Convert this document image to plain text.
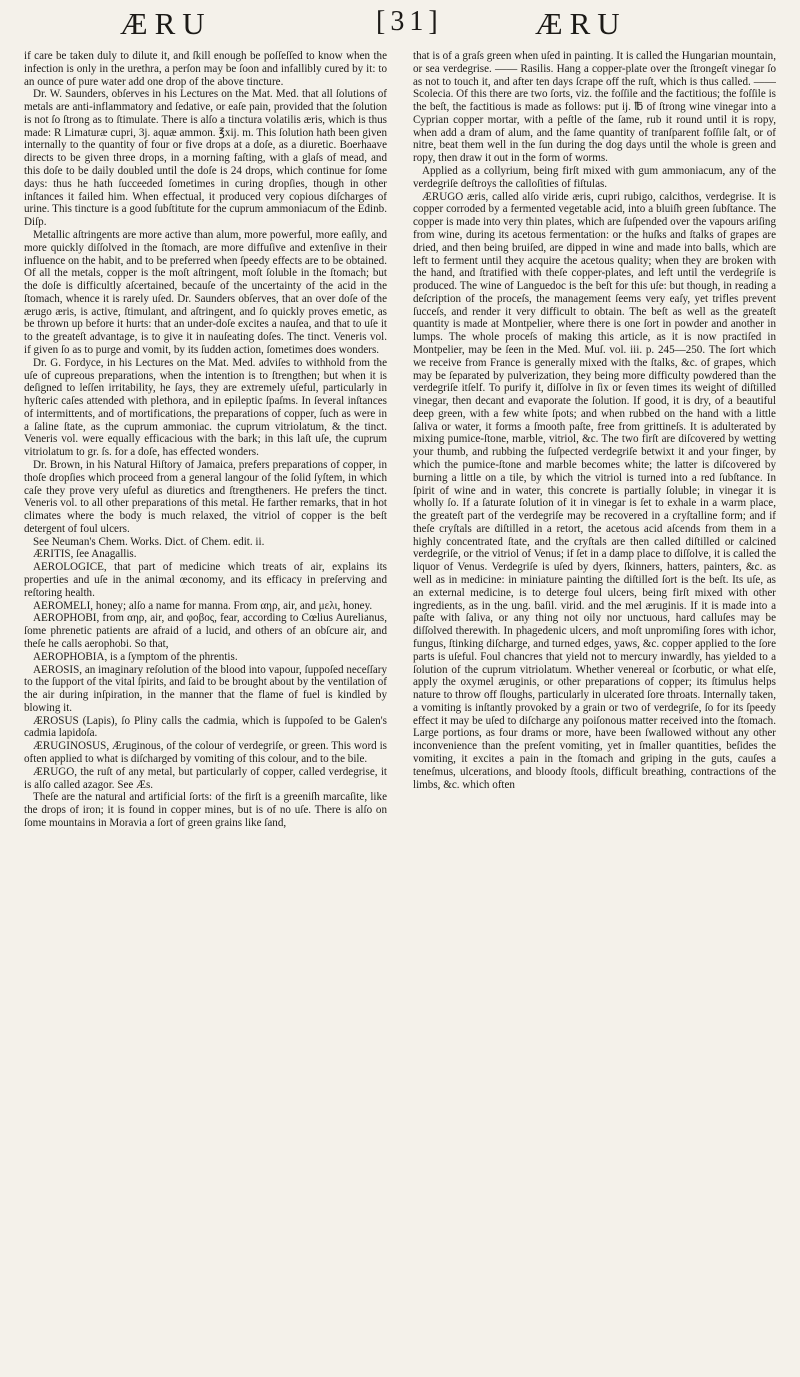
ÆRU	[31]	ÆRU

if care be taken duly to dilute it, and ſkill enough be poſſeſſed to know when the infection is only in the urethra, a perſon may be ſoon and infallibly cured by it: to an ounce of pure water add one drop of the above tincture.

Dr. W. Saunders, obſerves in his Lectures on the Mat. Med. that all ſolutions of metals are anti-inflammatory and ſedative, or eaſe pain, provided that the ſolution is not ſo ſtrong as to ſtimulate. There is alſo a tinctura volatilis æris, which is thus made: R Limaturæ cupri, 3j. aquæ ammon. ℥xij. m. This ſolution hath been given internally to the quantity of four or five drops at a doſe, as a diuretic. Boerhaave directs to be given three drops, in a morning faſting, with a glaſs of mead, and this doſe to be daily doubled until the doſe is 24 drops, which continue for ſome days: thus he hath ſucceeded ſometimes in curing dropſies, though in other inſtances it failed him. When effectual, it produced very copious diſcharges of urine. This tincture is a good ſubſtitute for the cuprum ammoniacum of the Edinb. Diſp.

Metallic aſtringents are more active than alum, more powerful, more eaſily, and more quickly diſſolved in the ſtomach, are more diffuſive and extenſive in their influence on the habit, and to be preferred when ſpeedy effects are to be obtained. Of all the metals, copper is the moſt aſtringent, moſt ſoluble in the ſtomach; but the doſe is difficultly aſcertained, becauſe of the uncertainty of the acid in the ſtomach, whence it is rarely uſed. Dr. Saunders obſerves, that an over doſe of the ærugo æris, is active, ſtimulant, and aſtringent, and ſo quickly proves emetic, as be thrown up before it hurts: that an under-doſe excites a nauſea, and that to uſe it to the greateſt advantage, is to give it in nauſeating doſes. The tinct. Veneris vol. if given ſo as to purge and vomit, by its ſudden action, ſometimes does wonders.

Dr. G. Fordyce, in his Lectures on the Mat. Med. adviſes to withhold from the uſe of cupreous preparations, when the intention is to ſtrengthen; but when it is deſigned to leſſen irritability, he ſays, they are extremely uſeful, particularly in hyſteric caſes attended with plethora, and in epileptic ſpaſms. In ſeveral inſtances of intermittents, and of mortifications, the preparations of copper, ſuch as were in a ſaline ſtate, as the cuprum ammoniac. the cuprum vitriolatum, & the tinct. Veneris vol. were equally efficacious with the bark; in this laſt uſe, the cuprum vitriolatum to gr. ſs. for a doſe, has effected wonders.

Dr. Brown, in his Natural Hiſtory of Jamaica, prefers preparations of copper, in thoſe dropſies which proceed from a general langour of the ſolid ſyſtem, in which caſe they prove very uſeful as diuretics and ſtrengtheners. He prefers the tinct. Veneris vol. to all other preparations of this metal. He farther remarks, that in hot climates where the body is much relaxed, the vitriol of copper is the beſt detergent of foul ulcers.

See Neuman's Chem. Works. Dict. of Chem. edit. ii.

ÆRITIS, ſee Anagallis.

AEROLOGICE, that part of medicine which treats of air, explains its properties and uſe in the animal œconomy, and its efficacy in preſerving and reſtoring health.

AEROMELI, honey; alſo a name for manna. From αηρ, air, and μελι, honey.

AEROPHOBI, from αηρ, air, and φοβος, fear, according to Cœlius Aurelianus, ſome phrenetic patients are afraid of a lucid, and others of an obſcure air, and theſe he calls aerophobi. So that,

AEROPHOBIA, is a ſymptom of the phrentis.

AEROSIS, an imaginary reſolution of the blood into vapour, ſuppoſed neceſſary to the ſupport of the vital ſpirits, and ſaid to be brought about by the ventilation of the air during inſpiration, in the manner that the flame of fuel is kindled by blowing it.

ÆROSUS (Lapis), ſo Pliny calls the cadmia, which is ſuppoſed to be Galen's cadmia lapidoſa.

ÆRUGINOSUS, Æruginous, of the colour of verdegriſe, or green. This word is often applied to what is diſcharged by vomiting of this colour, and to the bile.

ÆRUGO, the ruſt of any metal, but particularly of copper, called verdegrise, it is alſo called azagor. See Æs.

Theſe are the natural and artificial ſorts: of the firſt is a greeniſh marcaſite, like the drops of iron; it is found in copper mines, but is of no uſe. There is alſo on ſome mountains in Moravia a ſort of green grains like ſand,

that is of a graſs green when uſed in painting. It is called the Hungarian mountain, or sea verdegrise. —— Rasilis. Hang a copper-plate over the ſtrongeſt vinegar ſo as not to touch it, and after ten days ſcrape off the ruſt, which is thus called. —— Scolecia. Of this there are two ſorts, viz. the foſſile and the factitious; the foſſile is the beſt, the factitious is made as follows: put ij. ℔ of ſtrong wine vinegar into a Cyprian copper mortar, with a peſtle of the ſame, rub it round until it is ropy, when add a dram of alum, and the ſame quantity of tranſparent foſſile ſalt, or of nitre, beat them well in the ſun during the dog days until the whole is green and ropy, then draw it out in the form of worms.

Applied as a collyrium, being firſt mixed with gum ammoniacum, any of the verdegriſe deſtroys the calloſities of fiſtulas.

ÆRUGO æris, called alſo viride æris, cupri rubigo, calcithos, verdegrise. It is copper corroded by a fermented vegetable acid, into a bluiſh green ſubſtance. The copper is made into very thin plates, which are ſuſpended over the vapours ariſing from wine, during its acetous fermentation: or the huſks and ſtalks of grapes are dried, and then being bruiſed, are dipped in wine and made into balls, which are left to ferment until they acquire the acetous quality; when they are broken with the hand, and ſtratified with theſe copper-plates, and left until the verdegriſe is produced. The wine of Languedoc is the beſt for this uſe: but though, in reading a deſcription of the proceſs, the management ſeems very eaſy, yet trifles prevent ſucceſs, and render it very difficult to obtain. The beſt as well as the greateſt quantity is made at Montpelier, where there is one ſort in powder and another in lumps. The whole proceſs of making this article, as it is now practiſed in Montpelier, may be ſeen in the Med. Muſ. vol. iii. p. 245—250. The ſort which we receive from France is generally mixed with the ſtalks, &c. of grapes, which may be ſeparated by pulverization, they being more difficulty powdered than the verdegriſe itſelf. To purify it, diſſolve in ſix or ſeven times its weight of diſtilled vinegar, then decant and evaporate the ſolution. If good, it is dry, of a beautiful deep green, with a few white ſpots; and when rubbed on the hand with a little ſaliva or water, it forms a ſmooth paſte, free from grittineſs. It is adulterated by mixing pumice-ſtone, marble, vitriol, &c. The two firſt are diſcovered by wetting your thumb, and rubbing the ſuſpected verdegriſe betwixt it and your finger, by which the pumice-ſtone and marble becomes white; the latter is diſcovered by burning a little on a tile, by which the vitriol is turned into a red ſubſtance. In ſpirit of wine and in water, this concrete is partially ſoluble; in vinegar it is wholly ſo. If a ſaturate ſolution of it in vinegar is ſet to exhale in a warm place, the greateſt part of the verdegriſe may be recovered in a cryſtalline form; and if theſe cryſtals are diſtilled in a retort, the acetous acid aſcends from them in a highly concentrated ſtate, and the cryſtals are then called diſtilled or calcined verdegriſe, or the vitriol of Venus; if ſet in a damp place to diſſolve, it is called the liquor of Venus. Verdegriſe is uſed by dyers, ſkinners, hatters, painters, &c. as well as in medicine: in miniature painting the diſtilled ſort is the beſt. Its uſe, as an external medicine, is to deterge foul ulcers, being firſt mixed with other ingredients, as in the ung. baſil. virid. and the mel æruginis. If it is made into a paſte with ſaliva, or any thing not oily nor unctuous, hard calluſes may be diſſolved therewith. In phagedenic ulcers, and moſt unpromiſing ſores with ichor, fungus, ſtinking diſcharge, and turned edges, yaws, &c. copper applied to the ſore parts is uſeful. Foul chancres that yield not to mercury inwardly, has yielded to a ſolution of the cuprum vitriolatum. Whether venereal or ſcorbutic, or what elſe, apply the oxymel æruginis, or other preparations of copper; its ſtimulus helps nature to throw off ſloughs, particularly in ulcerated ſore throats. Internally taken, a vomiting is inſtantly provoked by a grain or two of verdegriſe, ſo for its ſpeedy effect it may be uſed to diſcharge any poiſonous matter received into the ſtomach. Large portions, as four drams or more, have been ſwallowed without any other inconvenience than the preſent vomiting, yet in ſmaller quantities, beſides the vomiting, it excites a pain in the ſtomach and griping in the guts, cauſes a teneſmus, ulcerations, and bloody ſtools, difficult breathing, contractions of the limbs, &c. which often
